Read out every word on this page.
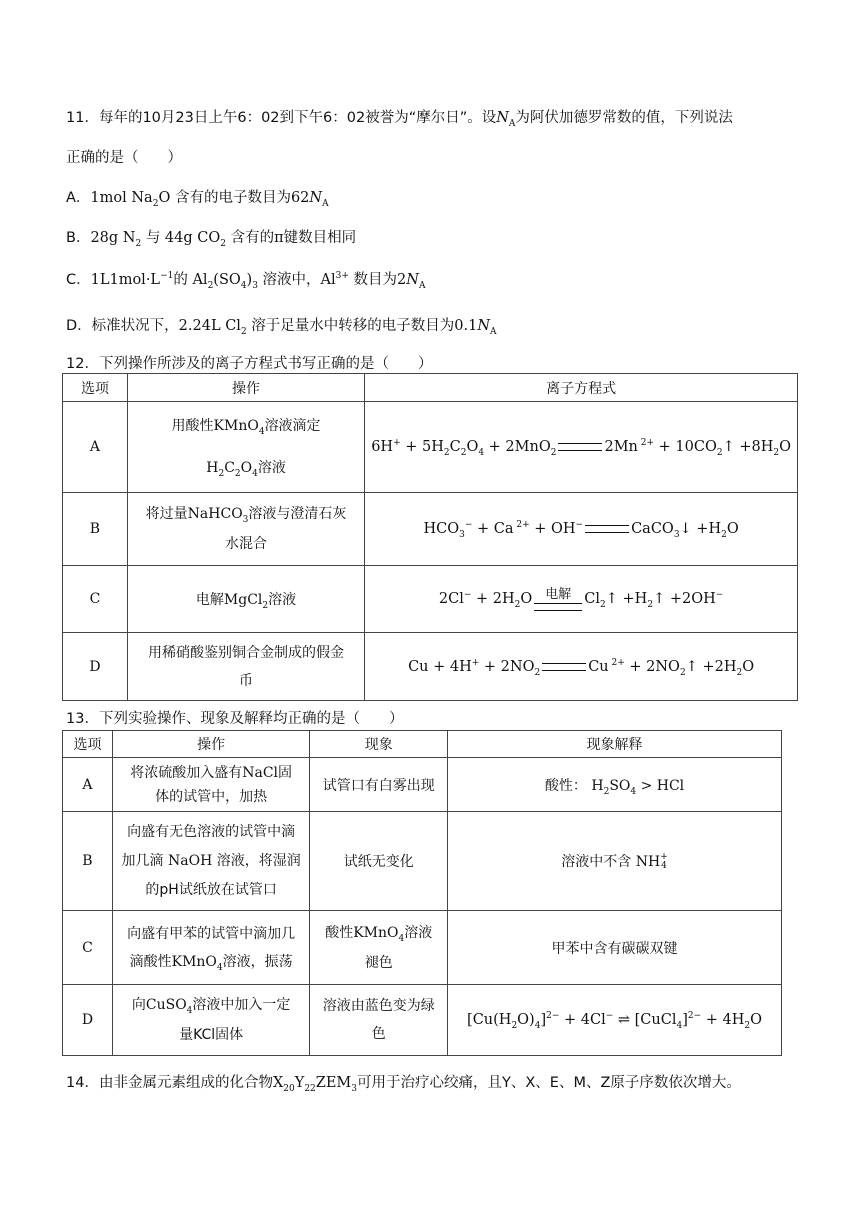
11．每年的10月23日上午6：02到下午6：02被誉为“摩尔日”。设$N_A$为阿伏加德罗常数的值，下列说法
正确的是（　　）
A．1mol $Na_2O$ 含有的电子数目为$62N_A$
B．28g $N_2$ 与 44g $CO_2$ 含有的π键数目相同
C．$1L1mol\cdot L^{-1}$的 $Al_2(SO_4)_3$ 溶液中，$Al^{3+}$ 数目为$2N_A$
D．标准状况下，2.24L $Cl_2$ 溶于足量水中转移的电子数目为$0.1N_A$
12．下列操作所涉及的离子方程式书写正确的是（　　）
选项	操作	离子方程式
A	用酸性KMnO$_4$溶液滴定
$H_2C_2O_4$溶液	$6H^+ + 5H_2C_2O_4 + 2MnO_2$ 2Mn $^{2+} + 10CO_2↑ +8H_2O$
B	将过量NaHCO$_3$溶液与澄清石灰
水混合	$HCO_3^- + Ca$ $^{2+}$ + OH− CaCO$_3$↓ $+H_2O$
C	电解MgCl$_2$溶液	$2Cl^- + 2H_2O$ 电解 $Cl_2↑$ $+H_2↑ +2OH^-$
D	用稀硝酸鉴别铜合金制成的假金
币	$Cu + 4H^+ + 2NO_2$ Cu $^{2+} + 2NO_2↑ +2H_2O$
13．下列实验操作、现象及解释均正确的是（　　）
选项	操作	现象	现象解释
A	将浓硫酸加入盛有NaCl固
体的试管中，加热	试管口有白雾出现	酸性： $H_2SO_4$ > HCl
B	向盛有无色溶液的试管中滴
加几滴 NaOH 溶液，将湿润
的pH试纸放在试管口	试纸无变化	溶液中不含 NH +
4

C	向盛有甲苯的试管中滴加几
滴酸性KMnO$_4$溶液，振荡	酸性KMnO$_4$溶液
褪色	甲苯中含有碳碳双键
D	向CuSO$_4$溶液中加入一定
量KCl固体	溶液由蓝色变为绿
色	$[Cu(H_2O)_4]^{2-} + 4Cl^-$ ⇌ [CuCl$_4$]$^{2-}$ + $4H_2O$
14．由非金属元素组成的化合物$X_{20}Y_{22}ZEM_3$可用于治疗心绞痛，且Y、X、E、M、Z原子序数依次增大。
